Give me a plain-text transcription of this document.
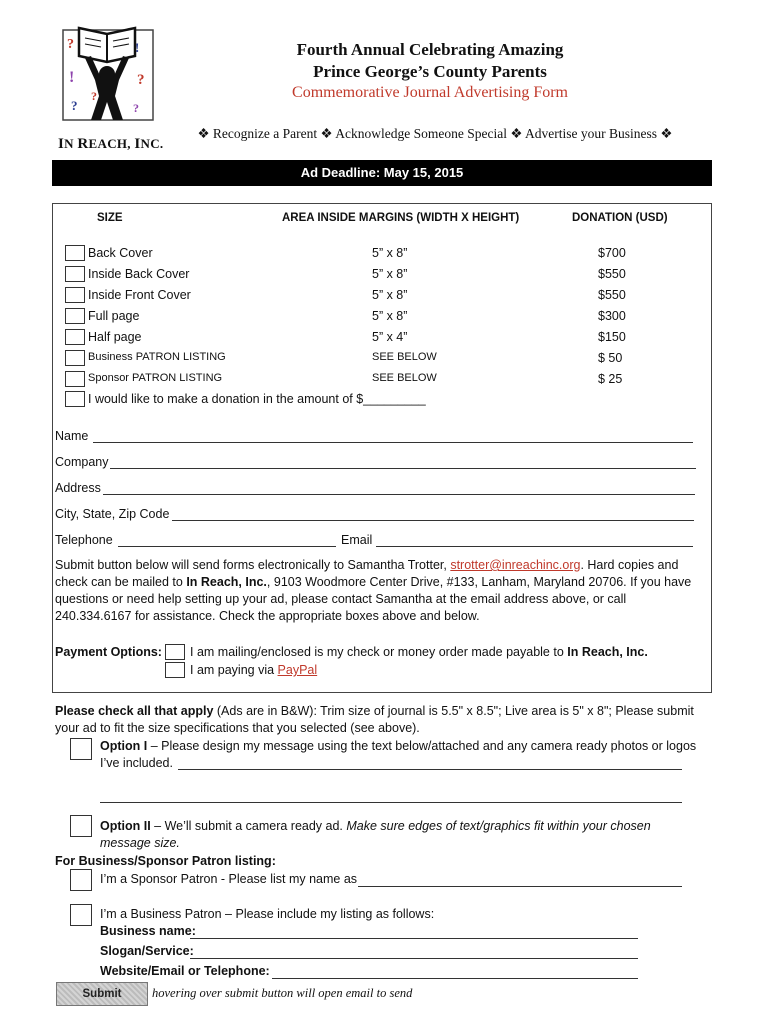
?	!
!	?
?	?
?
IN REACH, INC.
Fourth Annual Celebrating Amazing
Prince George’s County Parents
Commemorative Journal Advertising Form
❖ Recognize a Parent ❖ Acknowledge Someone Special ❖ Advertise your Business ❖
Ad Deadline: May 15, 2015
SIZE	AREA INSIDE MARGINS (WIDTH X HEIGHT)	DONATION (USD)
Back Cover	5” x 8”	$700
Inside Back Cover	5” x 8”	$550
Inside Front Cover	5” x 8”	$550
Full page	5” x 8”	$300
Half page	5” x 4”	$150
Business PATRON LISTING	SEE BELOW	$ 50
Sponsor PATRON LISTING	SEE BELOW	$ 25
I would like to make a donation in the amount of $_________
Name
Company
Address
City, State, Zip Code
Telephone	Email
Submit button below will send forms electronically to Samantha Trotter, strotter@inreachinc.org. Hard copies and check can be mailed to In Reach, Inc., 9103 Woodmore Center Drive, #133, Lanham, Maryland 20706. If you have questions or need help setting up your ad, please contact Samantha at the email address above, or call 240.334.6167 for assistance. Check the appropriate boxes above and below.
Payment Options: I am mailing/enclosed is my check or money order made payable to In Reach, Inc.
I am paying via PayPal
Please check all that apply (Ads are in B&W): Trim size of journal is 5.5" x 8.5"; Live area is 5" x 8"; Please submit your ad to fit the size specifications that you selected (see above).
Option I – Please design my message using the text below/attached and any camera ready photos or logos I’ve included.
Option II – We’ll submit a camera ready ad. Make sure edges of text/graphics fit within your chosen message size.
For Business/Sponsor Patron listing:
I’m a Sponsor Patron - Please list my name as
I’m a Business Patron – Please include my listing as follows:
Business name:
Slogan/Service:
Website/Email or Telephone:
Submit	hovering over submit button will open email to send
